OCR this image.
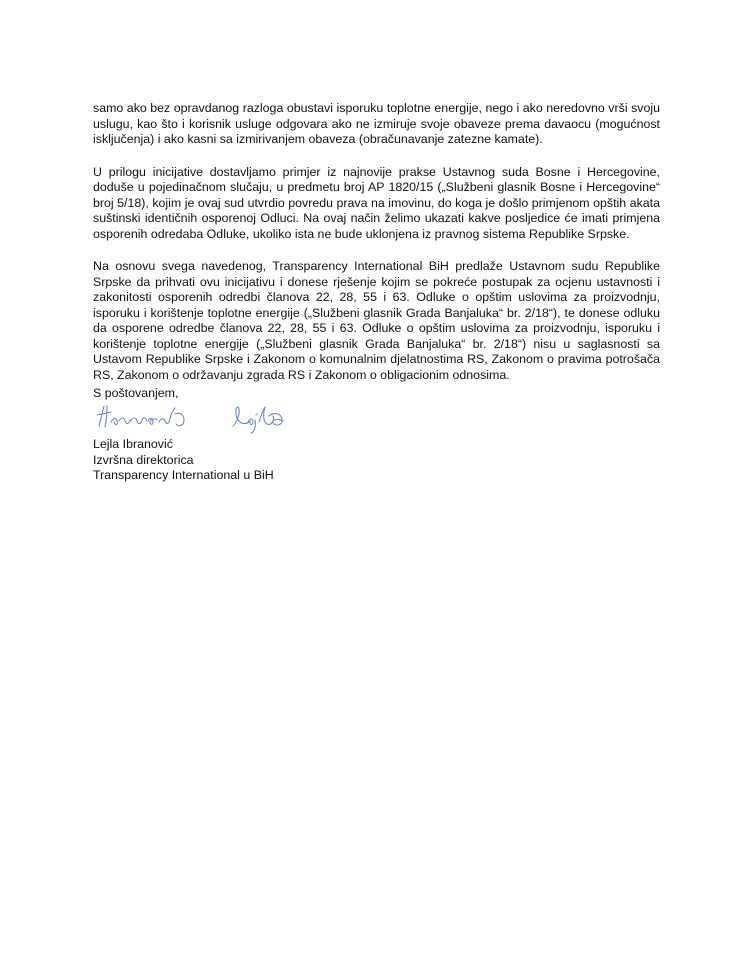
samo ako bez opravdanog razloga obustavi isporuku toplotne energije, nego i ako neredovno vrši svoju uslugu, kao što i korisnik usluge odgovara ako ne izmiruje svoje obaveze prema davaocu (mogućnost isključenja) i ako kasni sa izmirivanjem obaveza (obračunavanje zatezne kamate).

U prilogu inicijative dostavljamo primjer iz najnovije prakse Ustavnog suda Bosne i Hercegovine, doduše u pojedinačnom slučaju, u predmetu broj AP 1820/15 („Službeni glasnik Bosne i Hercegovine“ broj 5/18), kojim je ovaj sud utvrdio povredu prava na imovinu, do koga je došlo primjenom opštih akata suštinski identičnih osporenoj Odluci. Na ovaj način želimo ukazati kakve posljedice će imati primjena osporenih odredaba Odluke, ukoliko ista ne bude uklonjena iz pravnog sistema Republike Srpske.

Na osnovu svega navedenog, Transparency International BiH predlaže Ustavnom sudu Republike Srpske da prihvati ovu inicijativu i donese rješenje kojim se pokreće postupak za ocjenu ustavnosti i zakonitosti osporenih odredbi članova 22, 28, 55 i 63. Odluke o opštim uslovima za proizvodnju, isporuku i korištenje toplotne energije („Službeni glasnik Grada Banjaluka“ br. 2/18“), te donese odluku da osporene odredbe članova 22, 28, 55 i 63. Odluke o opštim uslovima za proizvodnju, isporuku i korištenje toplotne energije („Službeni glasnik Grada Banjaluka“ br. 2/18“) nisu u saglasnosti sa Ustavom Republike Srpske i Zakonom o komunalnim djelatnostima RS, Zakonom o pravima potrošača RS, Zakonom o održavanju zgrada RS i Zakonom o obligacionim odnosima.

S poštovanjem,
Lejla Ibranović
Izvršna direktorica
Transparency International u BiH
